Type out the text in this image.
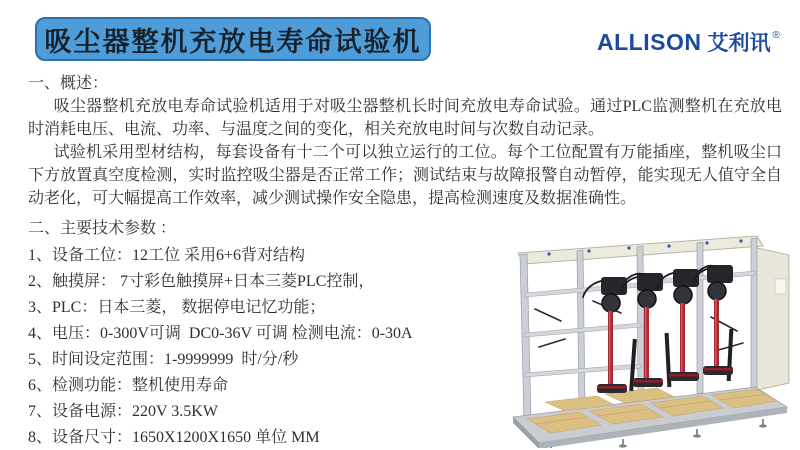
吸尘器整机充放电寿命试验机	ALLISON 艾利讯 ®
一、概述：

吸尘器整机充放电寿命试验机适用于对吸尘器整机长时间充放电寿命试验。通过PLC监测整机在充放电时消耗电压、电流、功率、与温度之间的变化，相关充放电时间与次数自动记录。

试验机采用型材结构，每套设备有十二个可以独立运行的工位。每个工位配置有万能插座，整机吸尘口下方放置真空度检测，实时监控吸尘器是否正常工作；测试结束与故障报警自动暂停，能实现无人值守全自动老化，可大幅提高工作效率，减少测试操作安全隐患，提高检测速度及数据准确性。

二、主要技术参数 ：
1、设备工位：12工位 采用6+6背对结构
2、触摸屏： 7寸彩色触摸屏+日本三菱PLC控制，
3、PLC：日本三菱， 数据停电记忆功能；
4、电压：0-300V可调  DC0-36V 可调 检测电流：0-30A
5、时间设定范围：1-9999999  时/分/秒
6、检测功能：整机使用寿命
7、设备电源：220V 3.5KW
8、设备尺寸：1650X1200X1650 单位 MM
